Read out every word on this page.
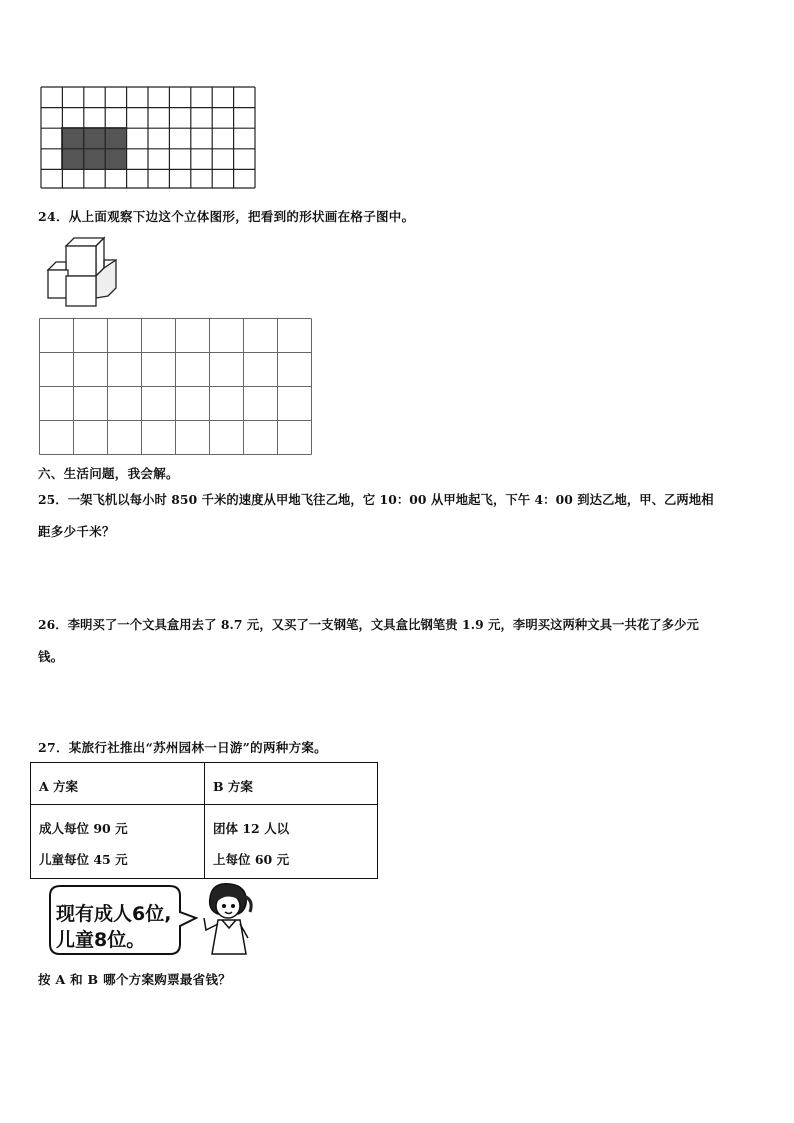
24．从上面观察下边这个立体图形，把看到的形状画在格子图中。
六、生活问题，我会解。
25．一架飞机以每小时 850 千米的速度从甲地飞往乙地，它 10：00 从甲地起飞，下午 4：00 到达乙地，甲、乙两地相
距多少千米？
26．李明买了一个文具盒用去了 8.7 元，又买了一支钢笔，文具盒比钢笔贵 1.9 元，李明买这两种文具一共花了多少元
钱。
27．某旅行社推出“苏州园林一日游”的两种方案。
A 方案	B 方案
成人每位 90 元
儿童每位 45 元
团体 12 人以
上每位 60 元
现有成人6位,
儿童8位。
按 A 和 B 哪个方案购票最省钱？
